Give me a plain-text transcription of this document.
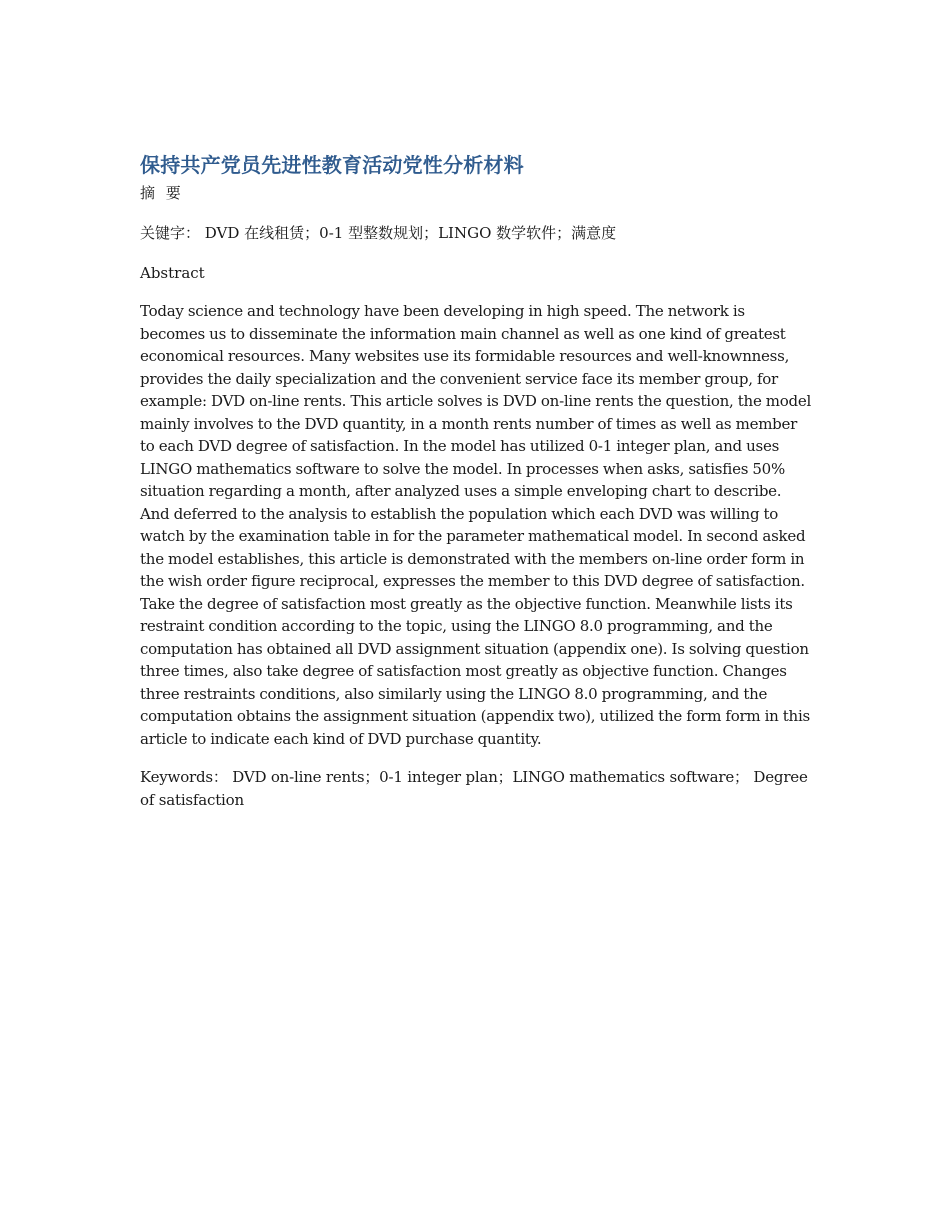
保持共产党员先进性教育活动党性分析材料

摘 要

关键字： DVD 在线租赁；0-1 型整数规划；LINGO 数学软件；满意度

Abstract

Today science and technology have been developing in high speed. The network is becomes us to disseminate the information main channel as well as one kind of greatest economical resources. Many websites use its formidable resources and well-knownness, provides the daily specialization and the convenient service face its member group, for example: DVD on-line rents. This article solves is DVD on-line rents the question, the model mainly involves to the DVD quantity, in a month rents number of times as well as member to each DVD degree of satisfaction. In the model has utilized 0-1 integer plan, and uses LINGO mathematics software to solve the model. In processes when asks, satisfies 50% situation regarding a month, after analyzed uses a simple enveloping chart to describe. And deferred to the analysis to establish the population which each DVD was willing to watch by the examination table in for the parameter mathematical model. In second asked the model establishes, this article is demonstrated with the members on-line order form in the wish order figure reciprocal, expresses the member to this DVD degree of satisfaction. Take the degree of satisfaction most greatly as the objective function. Meanwhile lists its restraint condition according to the topic, using the LINGO 8.0 programming, and the computation has obtained all DVD assignment situation (appendix one). Is solving question three times, also take degree of satisfaction most greatly as objective function. Changes three restraints conditions, also similarly using the LINGO 8.0 programming, and the computation obtains the assignment situation (appendix two), utilized the form form in this article to indicate each kind of DVD purchase quantity.

Keywords： DVD on-line rents；0-1 integer plan；LINGO mathematics software； Degree of satisfaction
